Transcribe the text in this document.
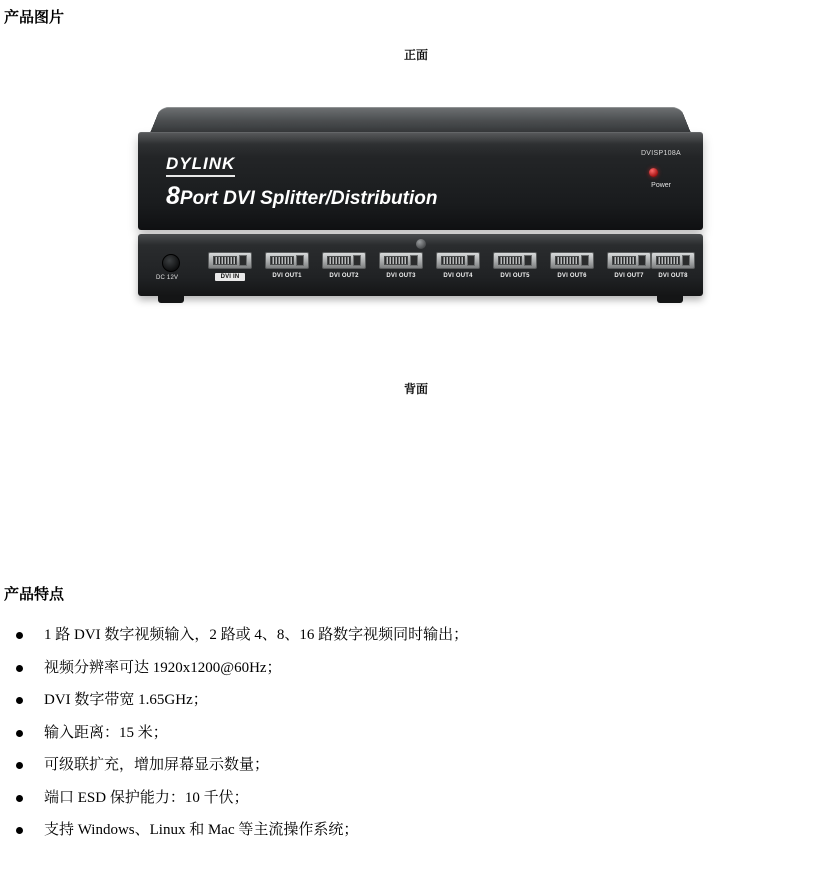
产品图片
正面
DYLINK
8Port DVI Splitter/Distribution
DVISP108A
Power
DC 12V	DVI IN	DVI OUT1	DVI OUT2	DVI OUT3	DVI OUT4	DVI OUT5	DVI OUT6	DVI OUT7	DVI OUT8
背面
产品特点
1 路 DVI 数字视频输入，2 路或 4、8、16 路数字视频同时输出；
视频分辨率可达 1920x1200@60Hz；
DVI 数字带宽 1.65GHz；
输入距离：15 米；
可级联扩充，增加屏幕显示数量；
端口 ESD 保护能力：10 千伏；
支持 Windows、Linux 和 Mac 等主流操作系统；
